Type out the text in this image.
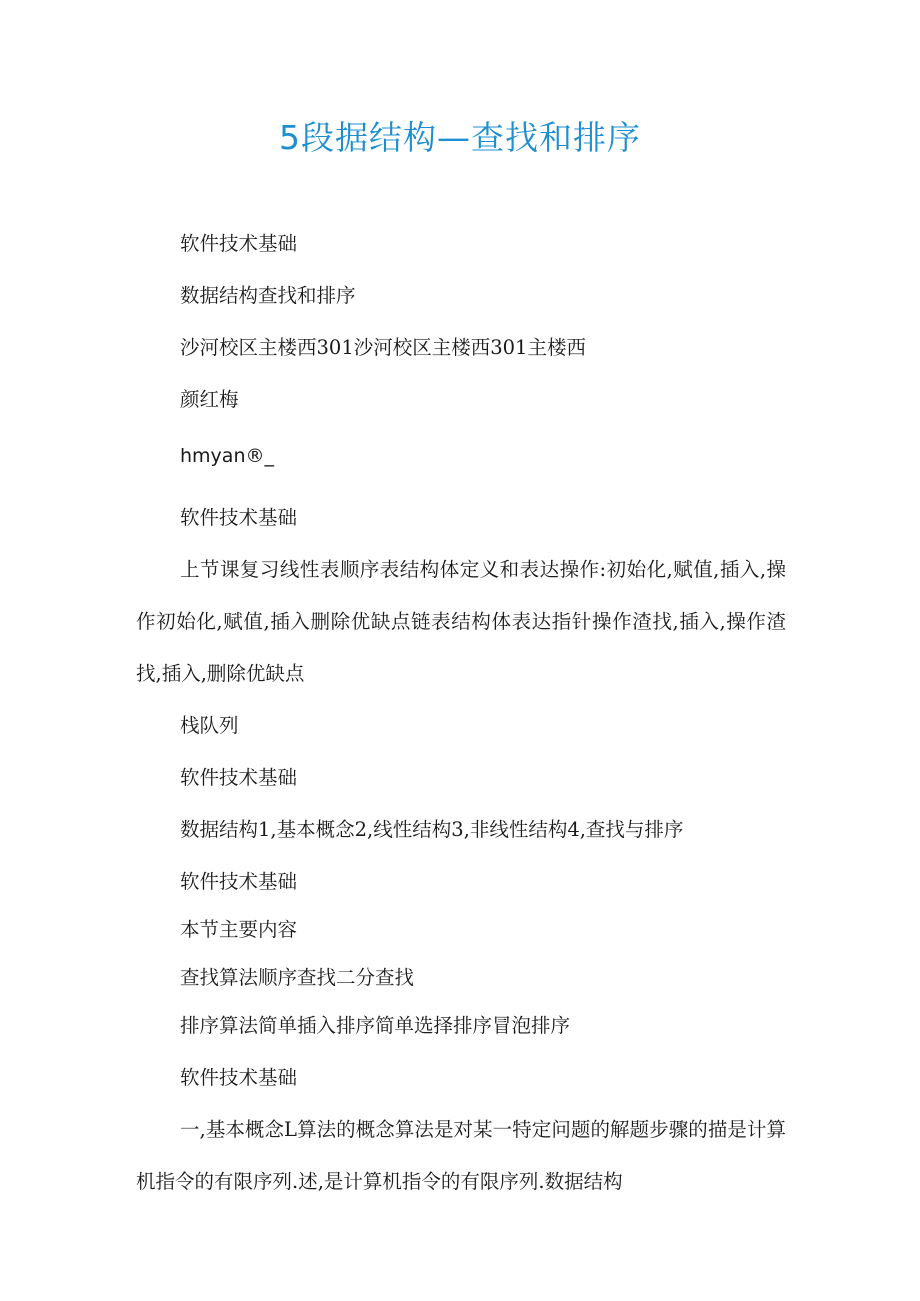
5段据结构—查找和排序

软件技术基础

数据结构查找和排序

沙河校区主楼西301沙河校区主楼西301主楼西

颜红梅

hmyan®_

软件技术基础

上节课复习线性表顺序表结构体定义和表达操作:初始化,赋值,插入,操作初始化,赋值,插入删除优缺点链表结构体表达指针操作渣找,插入,操作渣找,插入,删除优缺点

栈队列

软件技术基础

数据结构1,基本概念2,线性结构3,非线性结构4,查找与排序

软件技术基础

本节主要内容

查找算法顺序查找二分查找

排序算法简单插入排序简单选择排序冒泡排序

软件技术基础

一,基本概念L算法的概念算法是对某一特定问题的解题步骤的描是计算机指令的有限序列.述,是计算机指令的有限序列.数据结构
